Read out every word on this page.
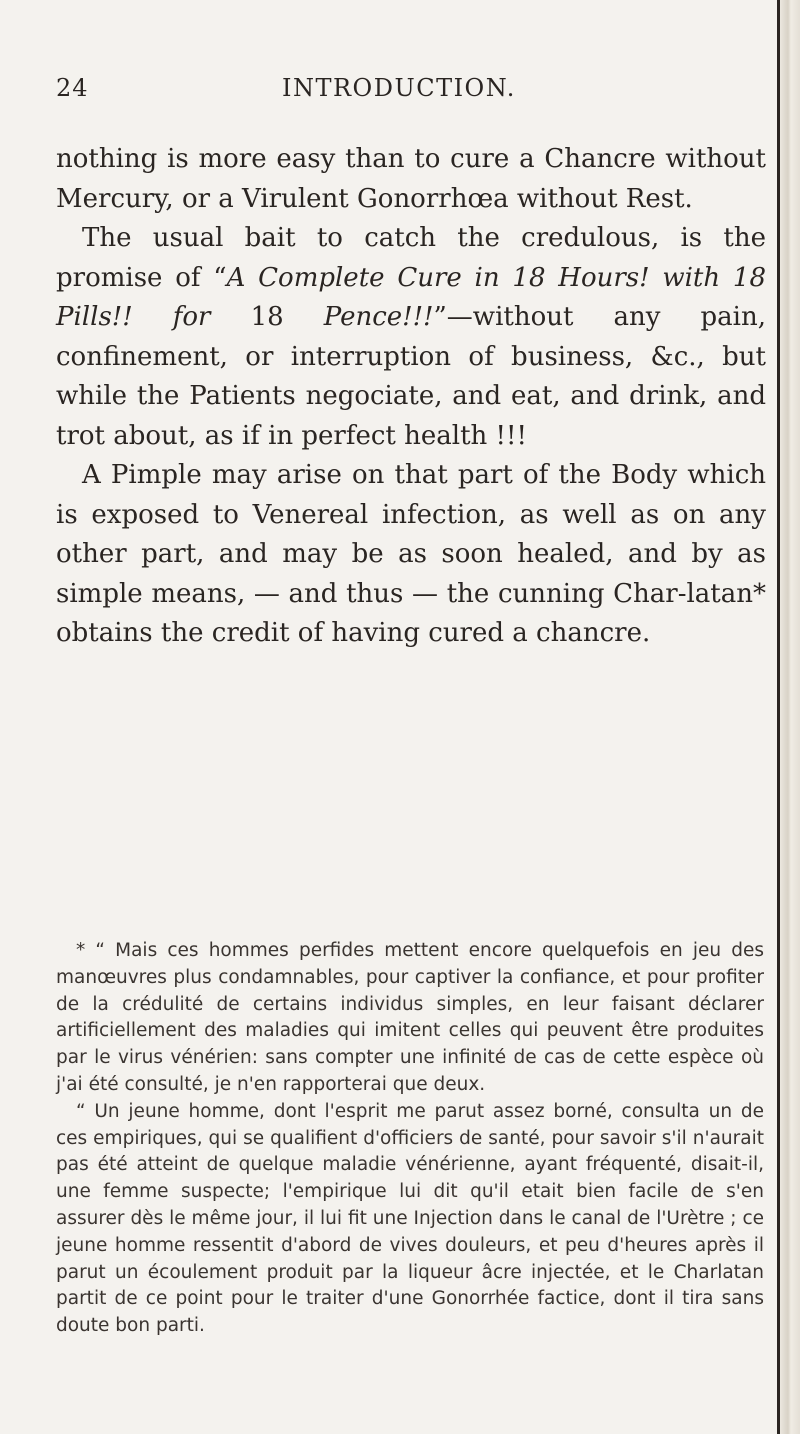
24	INTRODUCTION.

nothing is more easy than to cure a Chancre without Mercury, or a Virulent Gonorrhœa without Rest.

The usual bait to catch the credulous, is the promise of “A Complete Cure in 18 Hours! with 18 Pills!! for 18 Pence!!!”—without any pain, confinement, or interruption of business, &c., but while the Patients negociate, and eat, and drink, and trot about, as if in perfect health !!!

A Pimple may arise on that part of the Body which is exposed to Venereal infection, as well as on any other part, and may be as soon healed, and by as simple means, — and thus — the cunning Char-latan* obtains the credit of having cured a chancre.

* “ Mais ces hommes perfides mettent encore quelquefois en jeu des manœuvres plus condamnables, pour captiver la confiance, et pour profiter de la crédulité de certains individus simples, en leur faisant déclarer artificiellement des maladies qui imitent celles qui peuvent être produites par le virus vénérien: sans compter une infinité de cas de cette espèce où j'ai été consulté, je n'en rapporterai que deux.

“ Un jeune homme, dont l'esprit me parut assez borné, consulta un de ces empiriques, qui se qualifient d'officiers de santé, pour savoir s'il n'aurait pas été atteint de quelque maladie vénérienne, ayant fréquenté, disait-il, une femme suspecte; l'empirique lui dit qu'il etait bien facile de s'en assurer dès le même jour, il lui fit une Injection dans le canal de l'Urètre ; ce jeune homme ressentit d'abord de vives douleurs, et peu d'heures après il parut un écoulement produit par la liqueur âcre injectée, et le Charlatan partit de ce point pour le traiter d'une Gonorrhée factice, dont il tira sans doute bon parti.
